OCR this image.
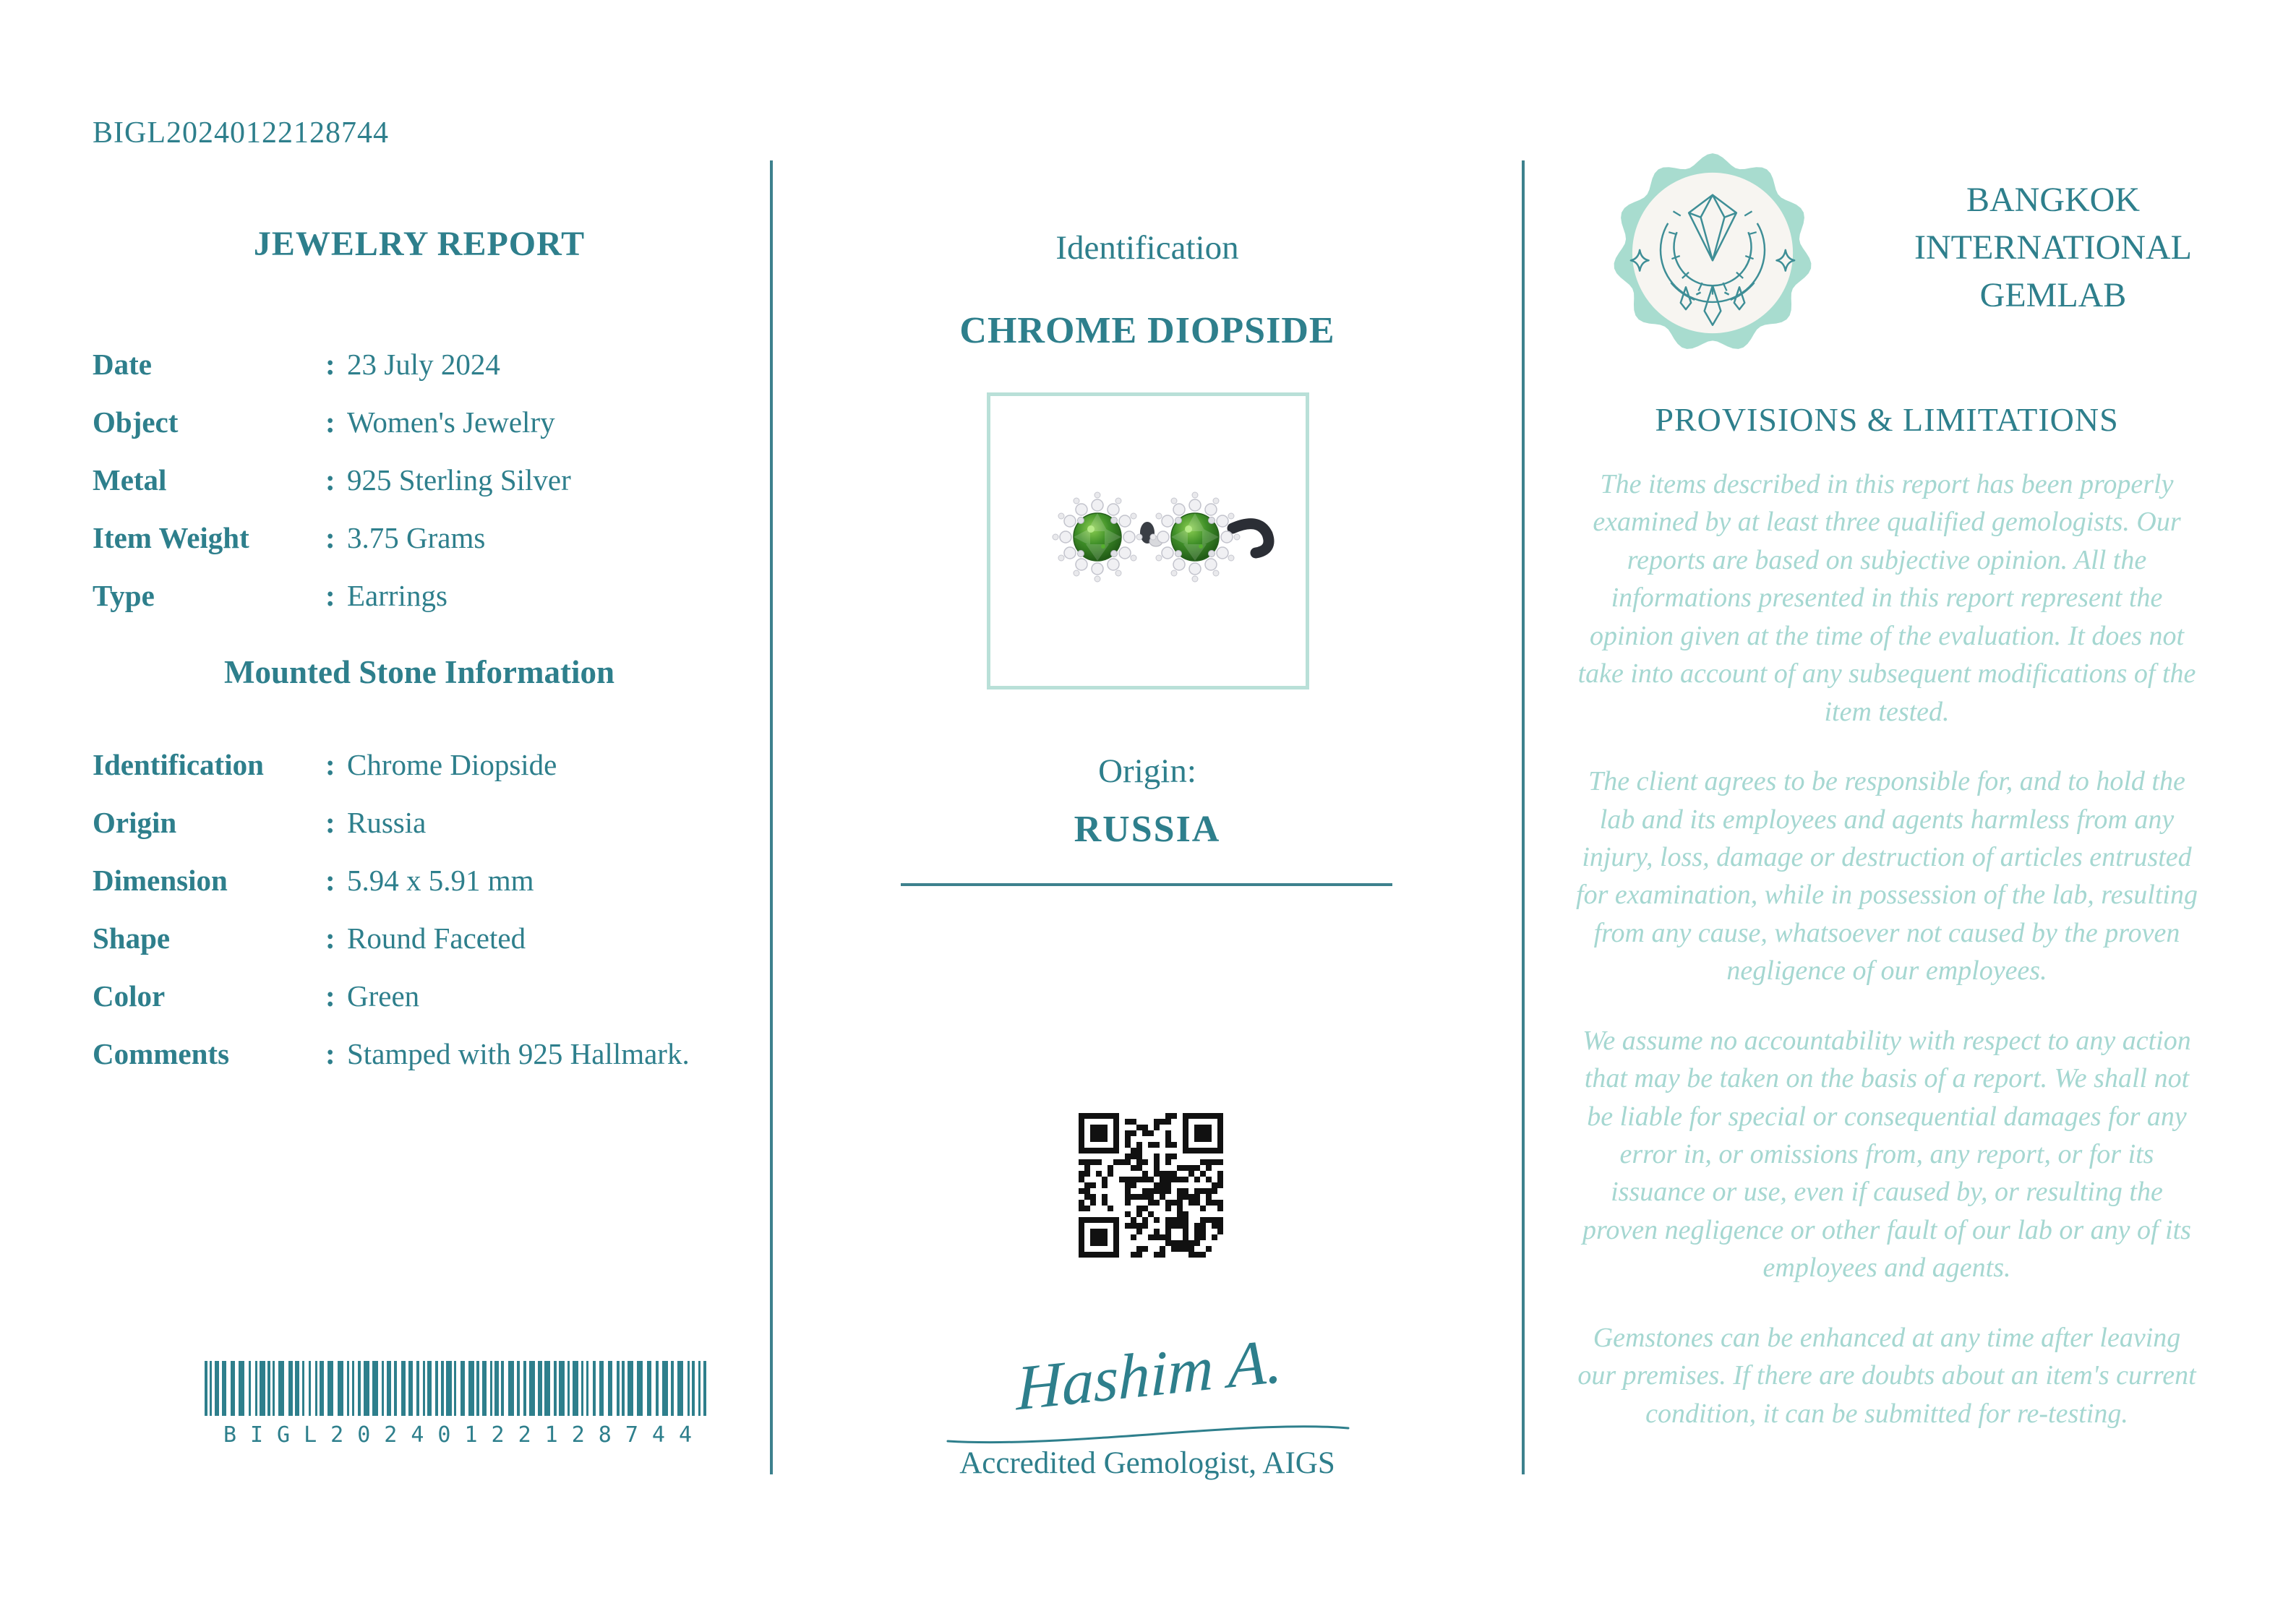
BIGL20240122128744
JEWELRY REPORT
Date	: 23 July 2024
Object	: Women's Jewelry
Metal	: 925 Sterling Silver
Item Weight	: 3.75 Grams
Type	: Earrings
Mounted Stone Information
Identification	: Chrome Diopside
Origin	: Russia
Dimension	: 5.94 x 5.91 mm
Shape	: Round Faceted
Color	: Green
Comments	: Stamped with 925 Hallmark.
BIGL20240122128744
Identification
CHROME DIOPSIDE
Origin:
RUSSIA
Hashim A.
Accredited Gemologist, AIGS
BANGKOK
INTERNATIONAL
GEMLAB
PROVISIONS & LIMITATIONS

The items described in this report has been properly examined by at least three qualified gemologists. Our reports are based on subjective opinion. All the informations presented in this report represent the opinion given at the time of the evaluation. It does not take into account of any subsequent modifications of the item tested.

The client agrees to be responsible for, and to hold the lab and its employees and agents harmless from any injury, loss, damage or destruction of articles entrusted for examination, while in possession of the lab, resulting from any cause, whatsoever not caused by the proven negligence of our employees.

We assume no accountability with respect to any action that may be taken on the basis of a report. We shall not be liable for special or consequential damages for any error in, or omissions from, any report, or for its issuance or use, even if caused by, or resulting the proven negligence or other fault of our lab or any of its employees and agents.

Gemstones can be enhanced at any time after leaving our premises. If there are doubts about an item's current condition, it can be submitted for re-testing.
